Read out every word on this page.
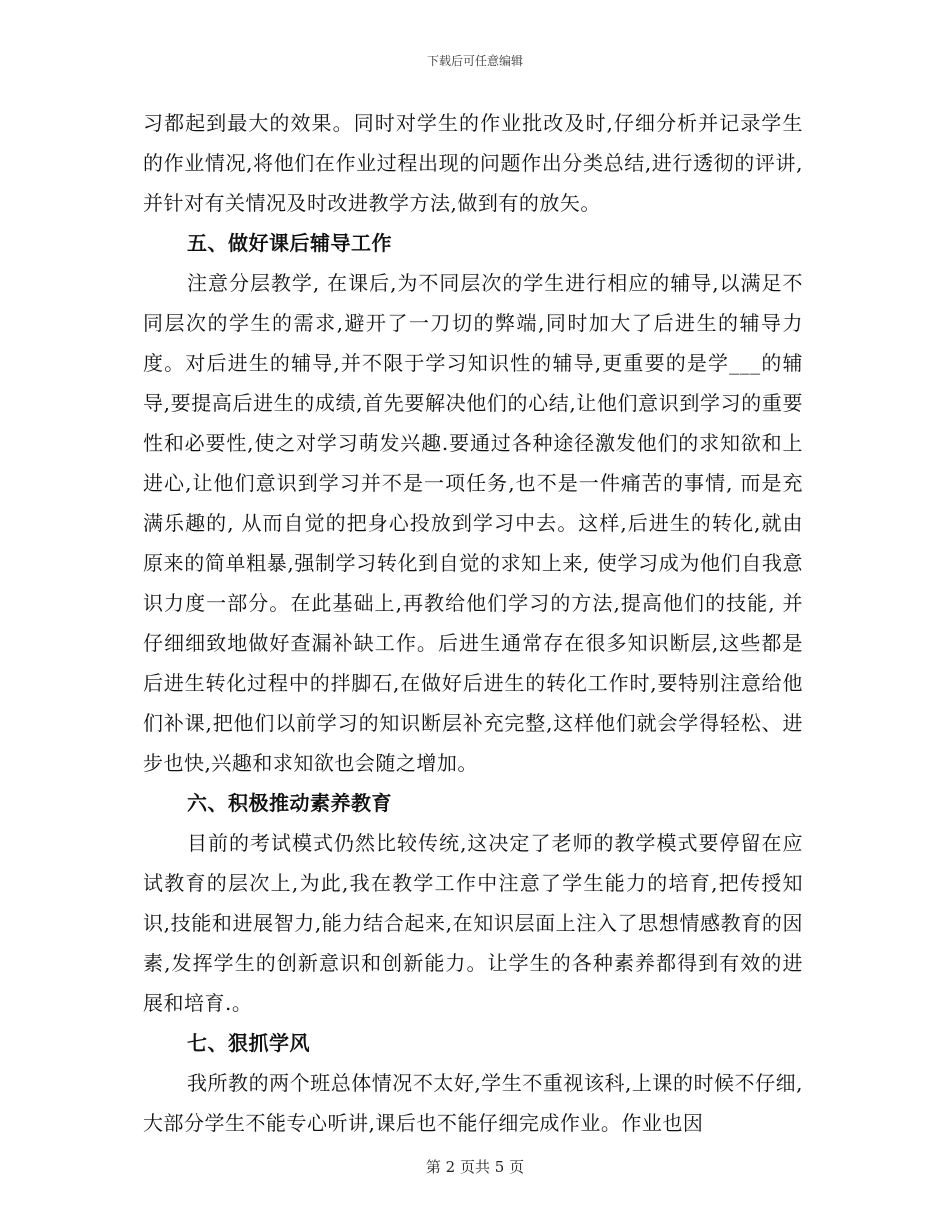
下载后可任意编辑

习都起到最大的效果。同时对学生的作业批改及时,仔细分析并记录学生的作业情况,将他们在作业过程出现的问题作出分类总结,进行透彻的评讲,并针对有关情况及时改进教学方法,做到有的放矢。

五、做好课后辅导工作

注意分层教学, 在课后,为不同层次的学生进行相应的辅导,以满足不同层次的学生的需求,避开了一刀切的弊端,同时加大了后进生的辅导力度。对后进生的辅导,并不限于学习知识性的辅导,更重要的是学___的辅导,要提高后进生的成绩,首先要解决他们的心结,让他们意识到学习的重要性和必要性,使之对学习萌发兴趣.要通过各种途径激发他们的求知欲和上进心,让他们意识到学习并不是一项任务,也不是一件痛苦的事情, 而是充满乐趣的, 从而自觉的把身心投放到学习中去。这样,后进生的转化,就由原来的简单粗暴,强制学习转化到自觉的求知上来, 使学习成为他们自我意识力度一部分。在此基础上,再教给他们学习的方法,提高他们的技能, 并仔细细致地做好查漏补缺工作。后进生通常存在很多知识断层,这些都是后进生转化过程中的拌脚石,在做好后进生的转化工作时,要特别注意给他们补课,把他们以前学习的知识断层补充完整,这样他们就会学得轻松、进步也快,兴趣和求知欲也会随之增加。

六、积极推动素养教育

目前的考试模式仍然比较传统,这决定了老师的教学模式要停留在应试教育的层次上,为此,我在教学工作中注意了学生能力的培育,把传授知识,技能和进展智力,能力结合起来,在知识层面上注入了思想情感教育的因素,发挥学生的创新意识和创新能力。让学生的各种素养都得到有效的进展和培育.。

七、狠抓学风

我所教的两个班总体情况不太好,学生不重视该科,上课的时候不仔细,大部分学生不能专心听讲,课后也不能仔细完成作业。作业也因

第 2 页共 5 页
